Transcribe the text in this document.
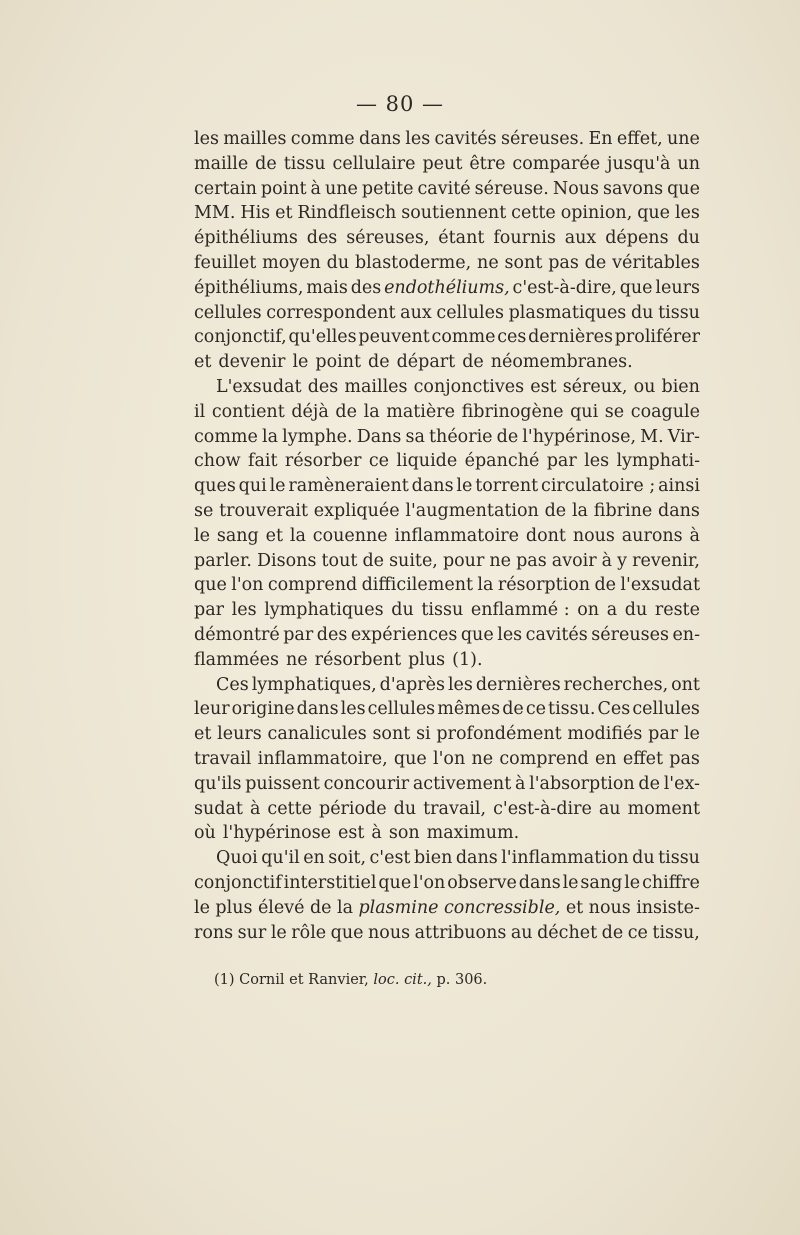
— 80 —
les mailles comme dans les cavités séreuses. En effet, une
maille de tissu cellulaire peut être comparée jusqu'à un
certain point à une petite cavité séreuse. Nous savons que
MM. His et Rindfleisch soutiennent cette opinion, que les
épithéliums des séreuses, étant fournis aux dépens du
feuillet moyen du blastoderme, ne sont pas de véritables
épithéliums, mais des endothéliums, c'est-à-dire, que leurs
cellules correspondent aux cellules plasmatiques du tissu
conjonctif, qu'elles peuvent comme ces dernières proliférer
et devenir le point de départ de néomembranes.
L'exsudat des mailles conjonctives est séreux, ou bien
il contient déjà de la matière fibrinogène qui se coagule
comme la lymphe. Dans sa théorie de l'hypérinose, M. Vir-
chow fait résorber ce liquide épanché par les lymphati-
ques qui le ramèneraient dans le torrent circulatoire ; ainsi
se trouverait expliquée l'augmentation de la fibrine dans
le sang et la couenne inflammatoire dont nous aurons à
parler. Disons tout de suite, pour ne pas avoir à y revenir,
que l'on comprend difficilement la résorption de l'exsudat
par les lymphatiques du tissu enflammé : on a du reste
démontré par des expériences que les cavités séreuses en-
flammées ne résorbent plus (1).
Ces lymphatiques, d'après les dernières recherches, ont
leur origine dans les cellules mêmes de ce tissu. Ces cellules
et leurs canalicules sont si profondément modifiés par le
travail inflammatoire, que l'on ne comprend en effet pas
qu'ils puissent concourir activement à l'absorption de l'ex-
sudat à cette période du travail, c'est-à-dire au moment
où l'hypérinose est à son maximum.
Quoi qu'il en soit, c'est bien dans l'inflammation du tissu
conjonctif interstitiel que l'on observe dans le sang le chiffre
le plus élevé de la plasmine concressible, et nous insiste-
rons sur le rôle que nous attribuons au déchet de ce tissu,
(1) Cornil et Ranvier, loc. cit., p. 306.
